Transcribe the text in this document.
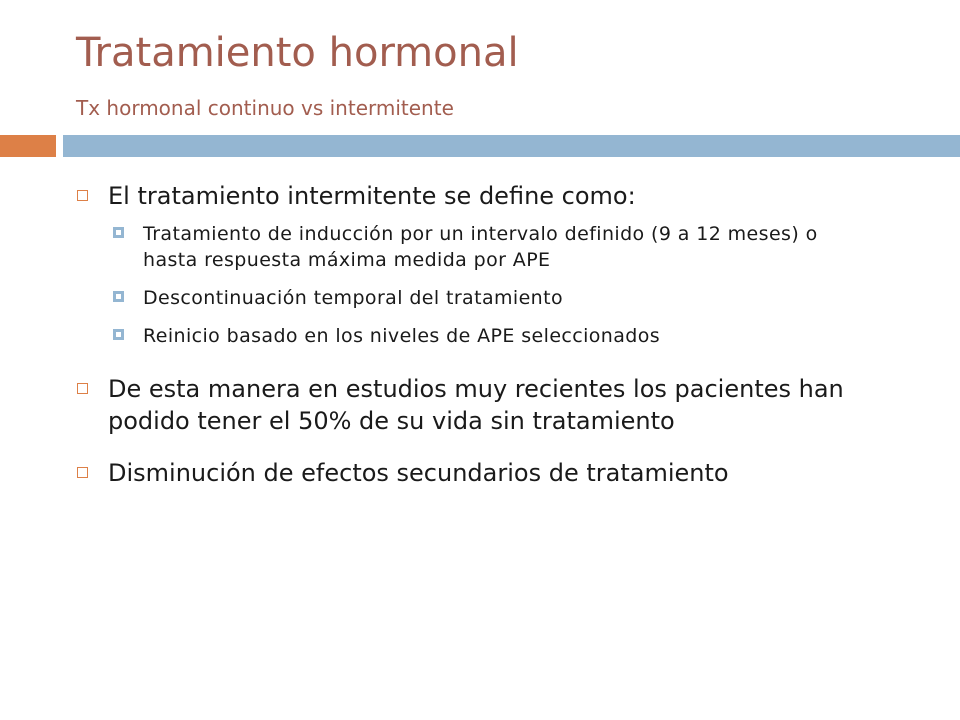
Tratamiento hormonal
Tx hormonal continuo vs intermitente
El tratamiento intermitente se define como:
Tratamiento de inducción por un intervalo definido (9 a 12 meses) o hasta respuesta máxima medida por APE
Descontinuación temporal del tratamiento
Reinicio basado en los niveles de APE seleccionados
De esta manera en estudios muy recientes los pacientes han podido tener el 50% de su vida sin tratamiento
Disminución de efectos secundarios de tratamiento
